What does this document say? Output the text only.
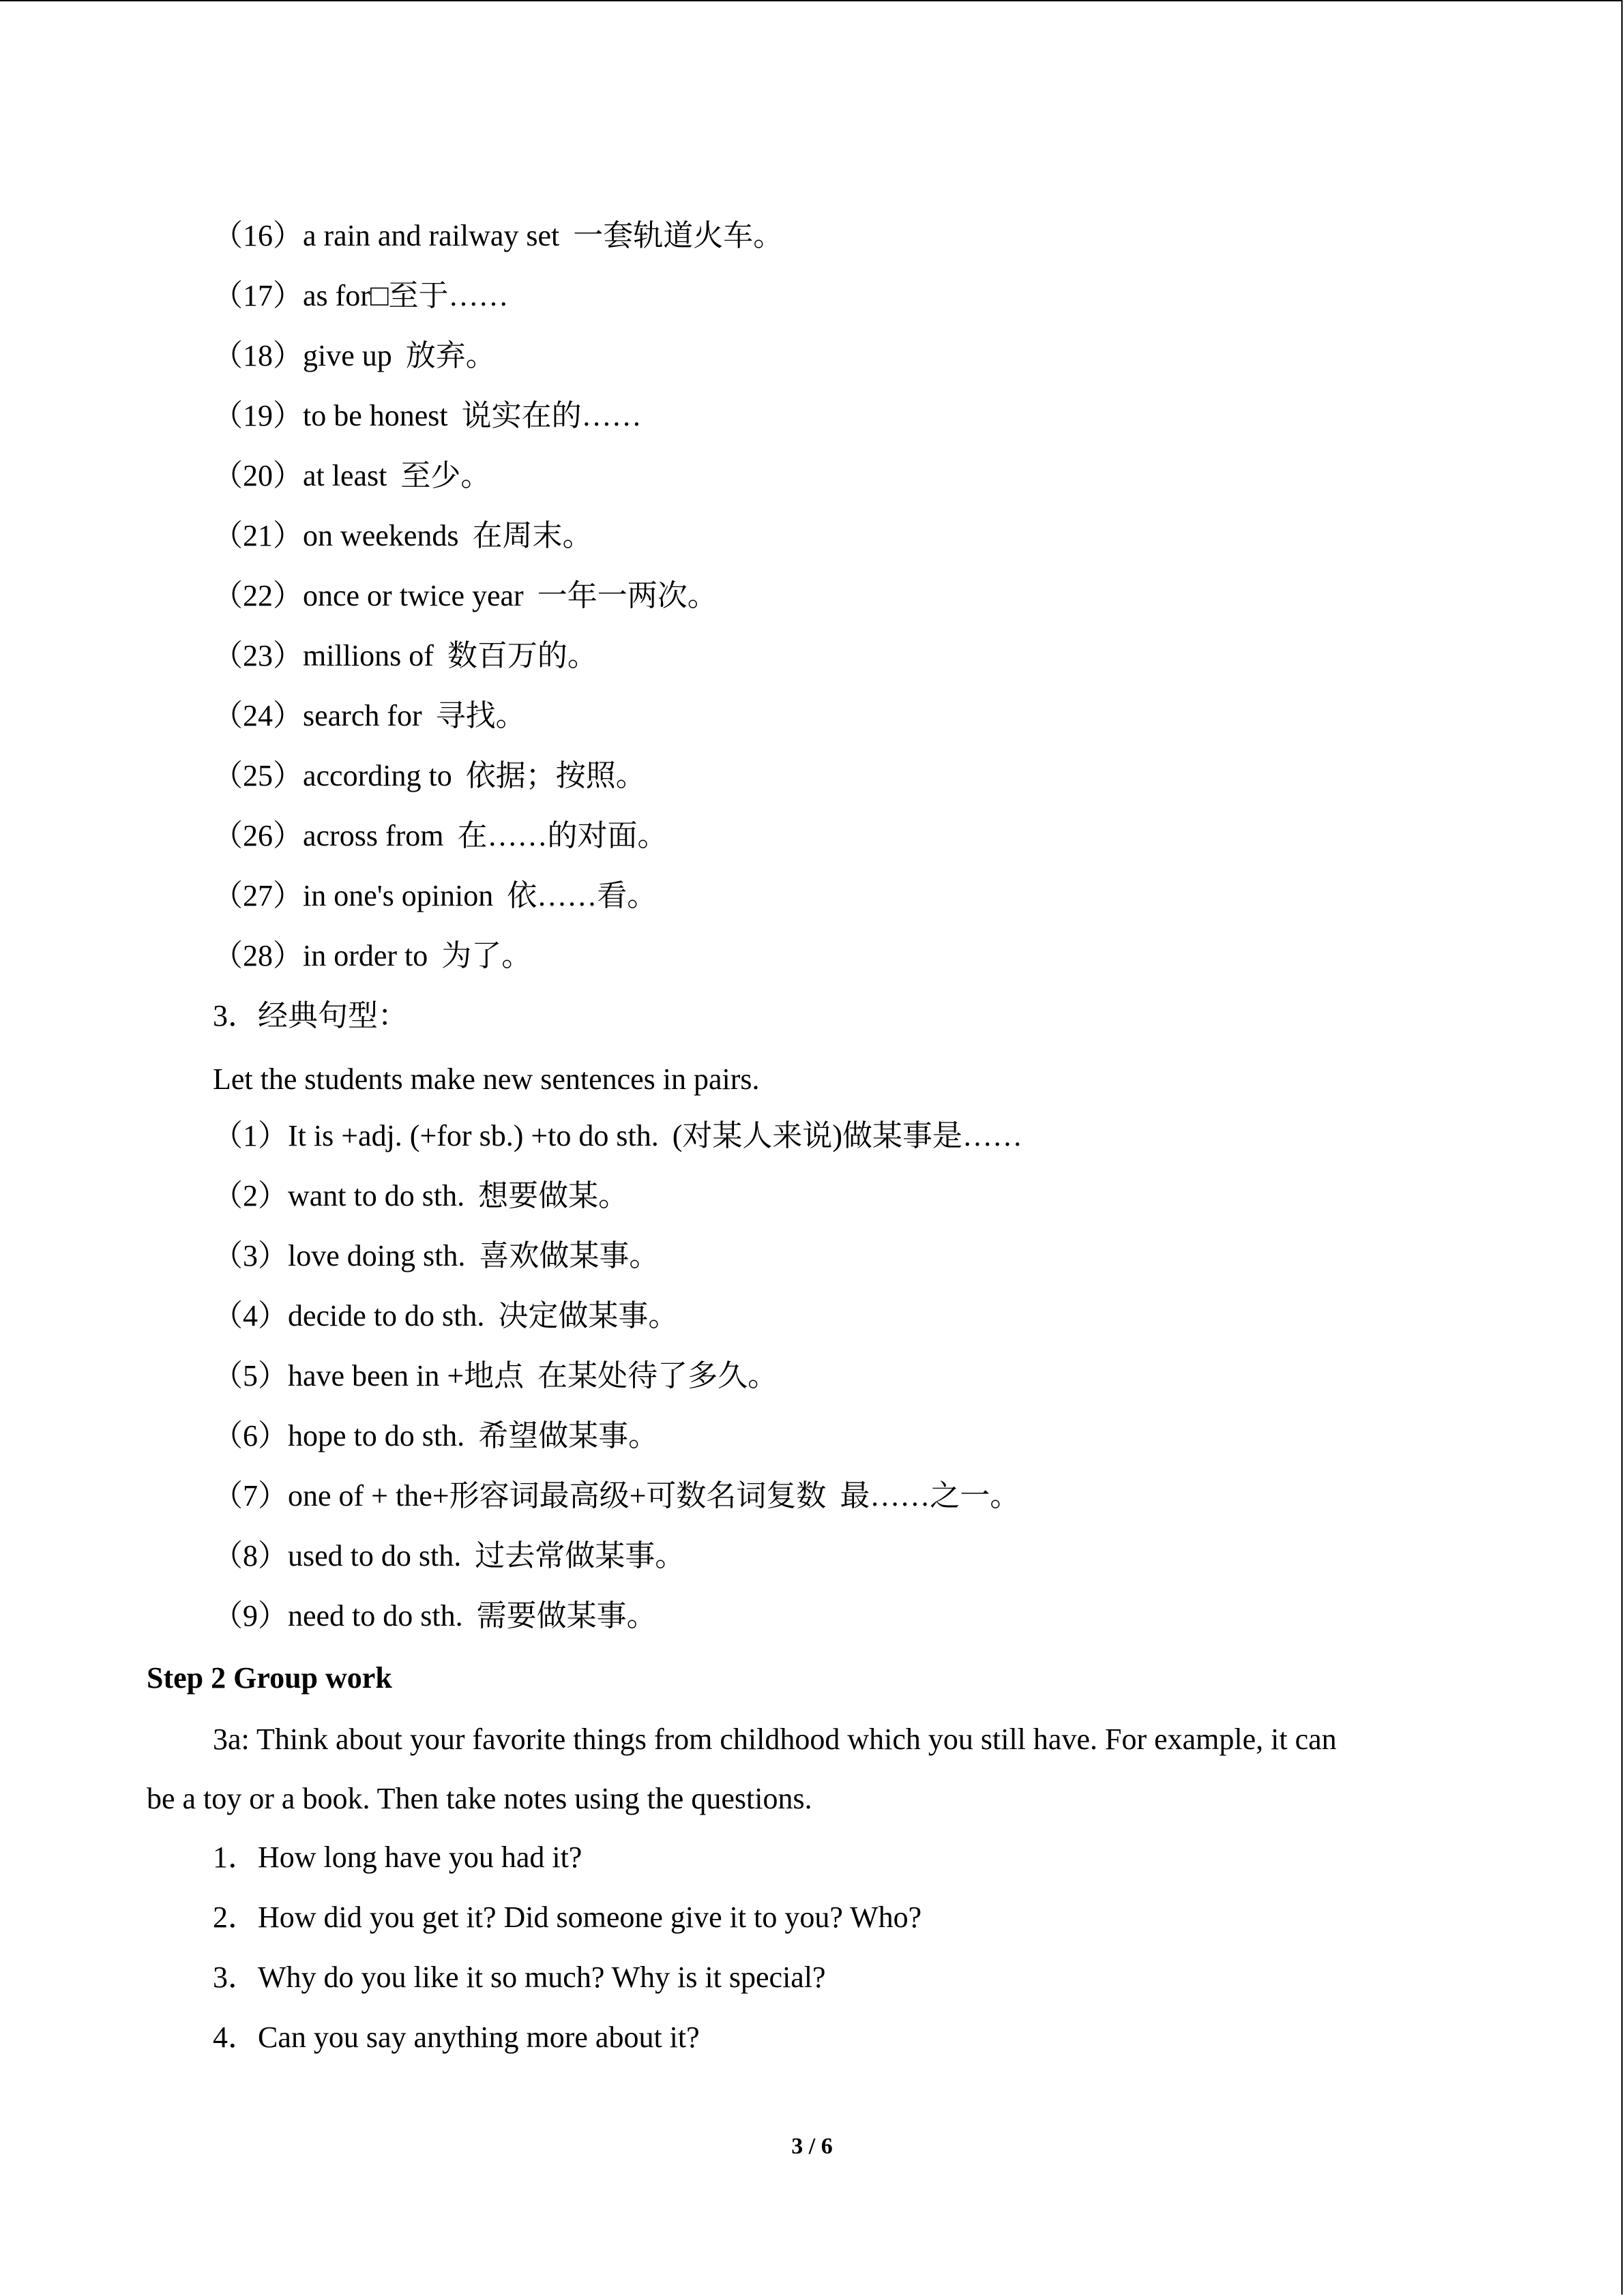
（16）a rain and railway set 一套轨道火车。

（17）as for□至于……

（18）give up 放弃。

（19）to be honest 说实在的……

（20）at least 至少。

（21）on weekends 在周末。

（22）once or twice year 一年一两次。

（23）millions of 数百万的。

（24）search for 寻找。

（25）according to 依据；按照。

（26）across from 在……的对面。

（27）in one's opinion 依……看。

（28）in order to 为了。

3．经典句型：

Let the students make new sentences in pairs.

（1）It is +adj. (+for sb.) +to do sth. (对某人来说)做某事是……

（2）want to do sth. 想要做某。

（3）love doing sth. 喜欢做某事。

（4）decide to do sth. 决定做某事。

（5）have been in +地点 在某处待了多久。

（6）hope to do sth. 希望做某事。

（7）one of + the+形容词最高级+可数名词复数 最……之一。

（8）used to do sth. 过去常做某事。

（9）need to do sth. 需要做某事。

Step 2 Group work

3a: Think about your favorite things from childhood which you still have. For example, it can

be a toy or a book. Then take notes using the questions.

1．How long have you had it?

2．How did you get it? Did someone give it to you? Who?

3．Why do you like it so much? Why is it special?

4．Can you say anything more about it?

3 / 6
